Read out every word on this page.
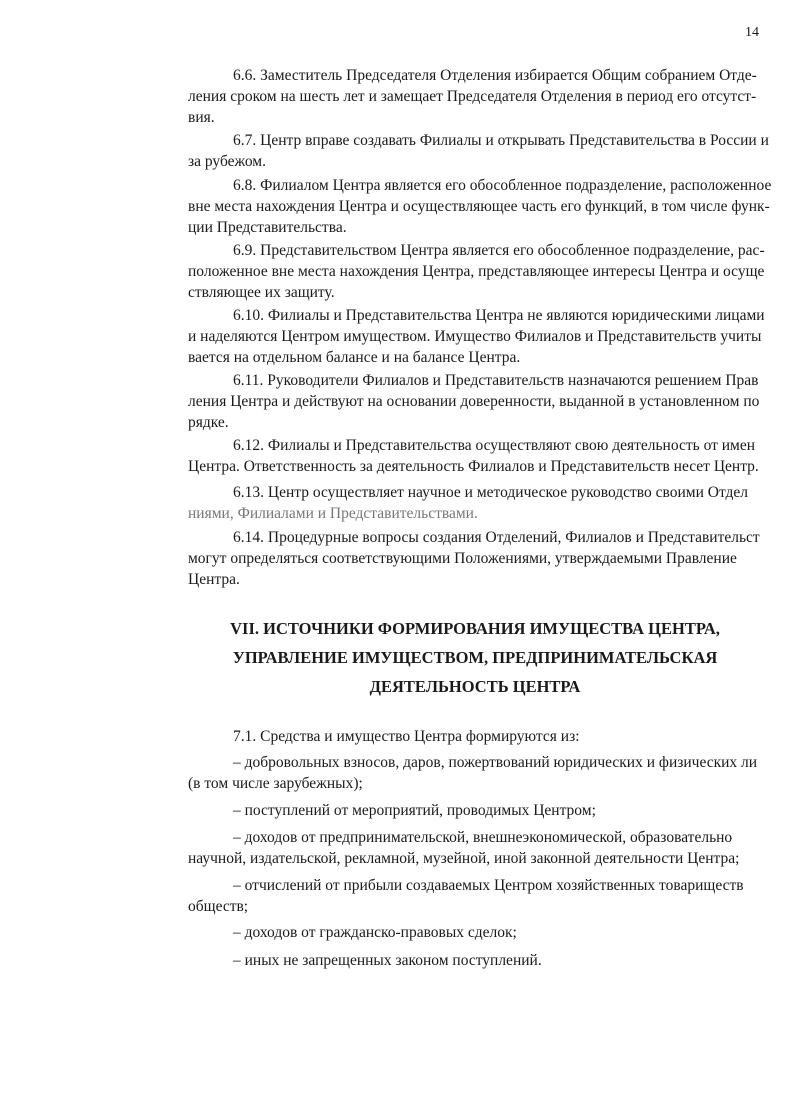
14
6.6. Заместитель Председателя Отделения избирается Общим собранием Отде-
ления сроком на шесть лет и замещает Председателя Отделения в период его отсутст-
вия.
6.7. Центр вправе создавать Филиалы и открывать Представительства в России и
за рубежом.
6.8. Филиалом Центра является его обособленное подразделение, расположенное
вне места нахождения Центра и осуществляющее часть его функций, в том числе функ-
ции Представительства.
6.9. Представительством Центра является его обособленное подразделение, рас-
положенное вне места нахождения Центра, представляющее интересы Центра и осуще
ствляющее их защиту.
6.10. Филиалы и Представительства Центра не являются юридическими лицами
и наделяются Центром имуществом. Имущество Филиалов и Представительств учиты
вается на отдельном балансе и на балансе Центра.
6.11. Руководители Филиалов и Представительств назначаются решением Прав
ления Центра и действуют на основании доверенности, выданной в установленном по
рядке.
6.12. Филиалы и Представительства осуществляют свою деятельность от имен
Центра. Ответственность за деятельность Филиалов и Представительств несет Центр.
6.13. Центр осуществляет научное и методическое руководство своими Отдел
ниями, Филиалами и Представительствами.
6.14. Процедурные вопросы создания Отделений, Филиалов и Представительст
могут определяться соответствующими Положениями, утверждаемыми Правление
Центра.
VII. ИСТОЧНИКИ ФОРМИРОВАНИЯ ИМУЩЕСТВА ЦЕНТРА,
УПРАВЛЕНИЕ ИМУЩЕСТВОМ, ПРЕДПРИНИМАТЕЛЬСКАЯ
ДЕЯТЕЛЬНОСТЬ ЦЕНТРА
7.1. Средства и имущество Центра формируются из:
– добровольных взносов, даров, пожертвований юридических и физических ли
(в том числе зарубежных);
– поступлений от мероприятий, проводимых Центром;
– доходов от предпринимательской, внешнеэкономической, образовательно
научной, издательской, рекламной, музейной, иной законной деятельности Центра;
– отчислений от прибыли создаваемых Центром хозяйственных товариществ
обществ;
– доходов от гражданско-правовых сделок;
– иных не запрещенных законом поступлений.
